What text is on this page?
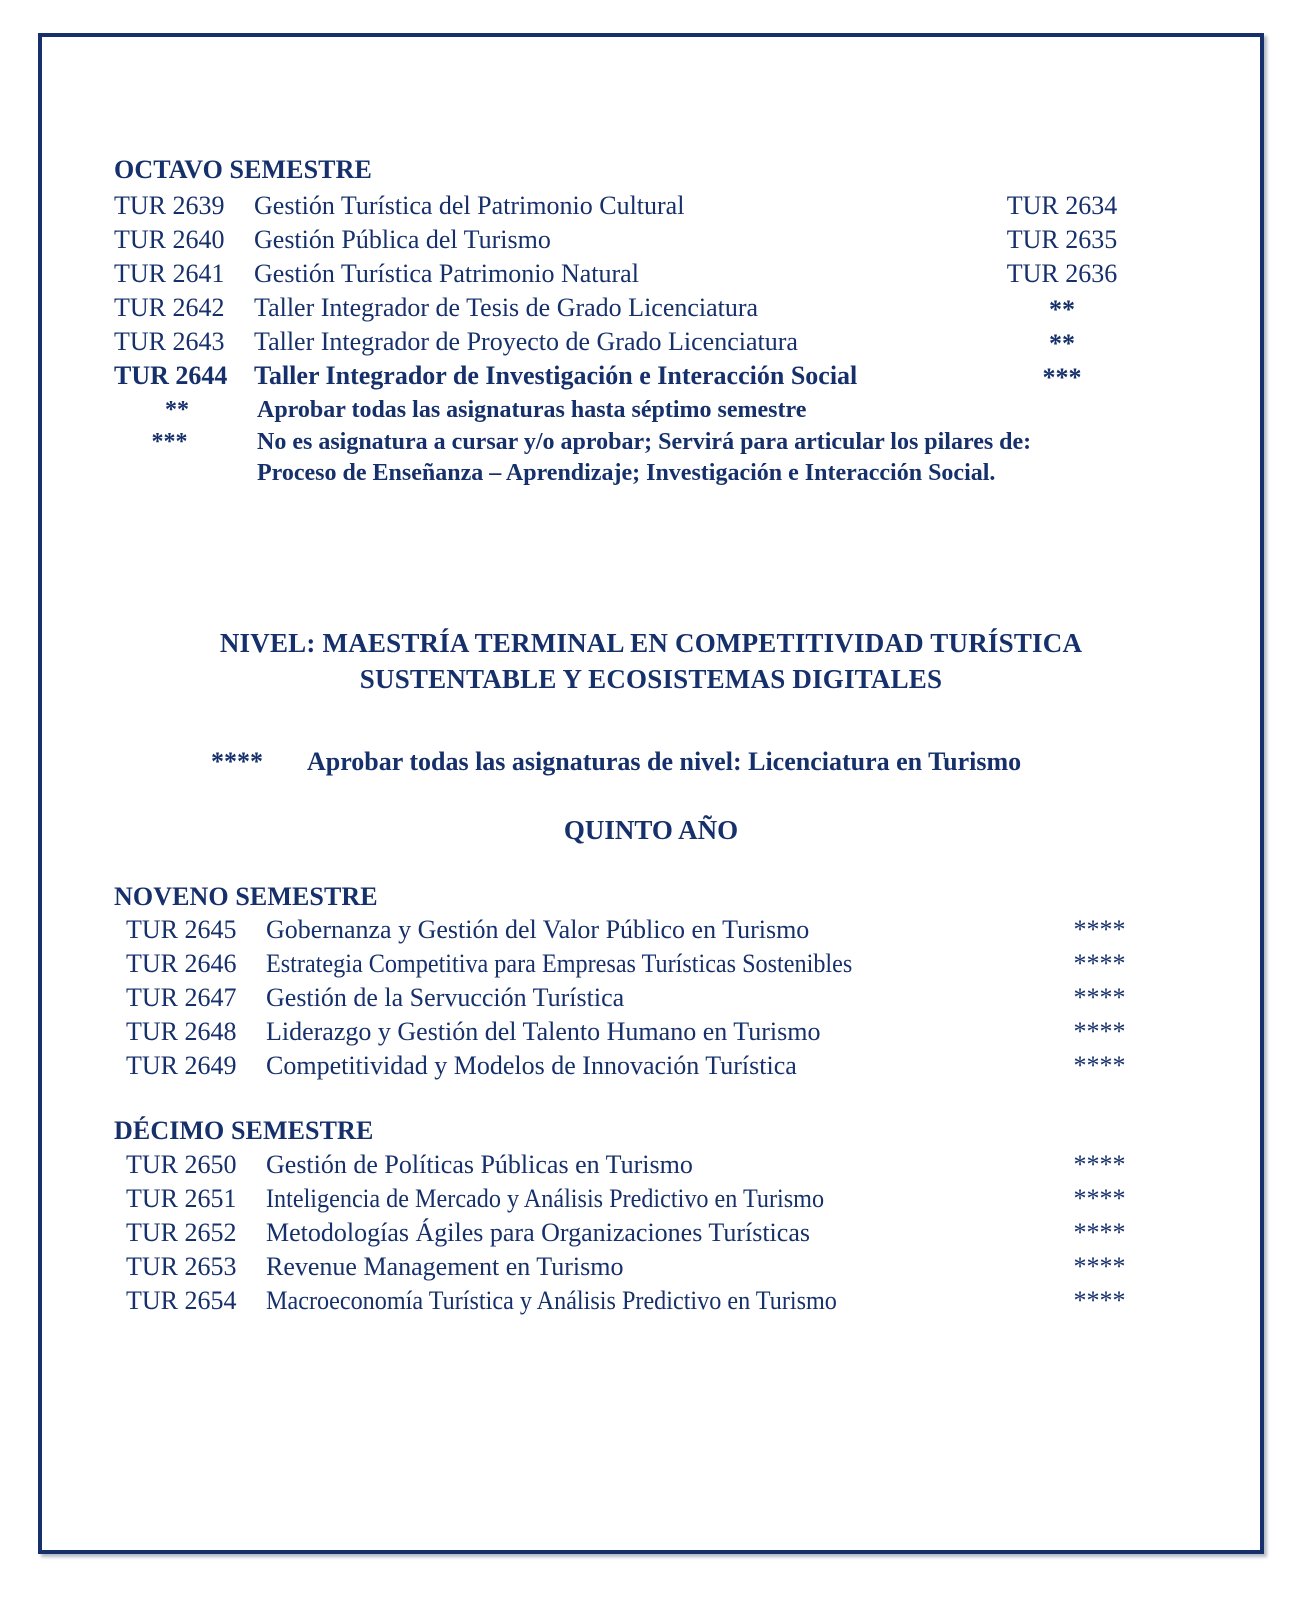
OCTAVO SEMESTRE
TUR 2639	Gestión Turística del Patrimonio Cultural	TUR 2634
TUR 2640	Gestión Pública del Turismo	TUR 2635
TUR 2641	Gestión Turística Patrimonio Natural	TUR 2636
TUR 2642	Taller Integrador de Tesis de Grado Licenciatura	**
TUR 2643	Taller Integrador de Proyecto de Grado Licenciatura	**
TUR 2644	Taller Integrador de Investigación e Interacción Social	***
**	Aprobar todas las asignaturas hasta séptimo semestre
***	No es asignatura a cursar y/o aprobar; Servirá para articular los pilares de:
Proceso de Enseñanza – Aprendizaje; Investigación e Interacción Social.
NIVEL: MAESTRÍA TERMINAL EN COMPETITIVIDAD TURÍSTICA
SUSTENTABLE Y ECOSISTEMAS DIGITALES
****	Aprobar todas las asignaturas de nivel: Licenciatura en Turismo
QUINTO AÑO
NOVENO SEMESTRE
TUR 2645	Gobernanza y Gestión del Valor Público en Turismo	****
TUR 2646	Estrategia Competitiva para Empresas Turísticas Sostenibles	****
TUR 2647	Gestión de la Servucción Turística	****
TUR 2648	Liderazgo y Gestión del Talento Humano en Turismo	****
TUR 2649	Competitividad y Modelos de Innovación Turística	****
DÉCIMO SEMESTRE
TUR 2650	Gestión de Políticas Públicas en Turismo	****
TUR 2651	Inteligencia de Mercado y Análisis Predictivo en Turismo	****
TUR 2652	Metodologías Ágiles para Organizaciones Turísticas	****
TUR 2653	Revenue Management en Turismo	****
TUR 2654	Macroeconomía Turística y Análisis Predictivo en Turismo	****
